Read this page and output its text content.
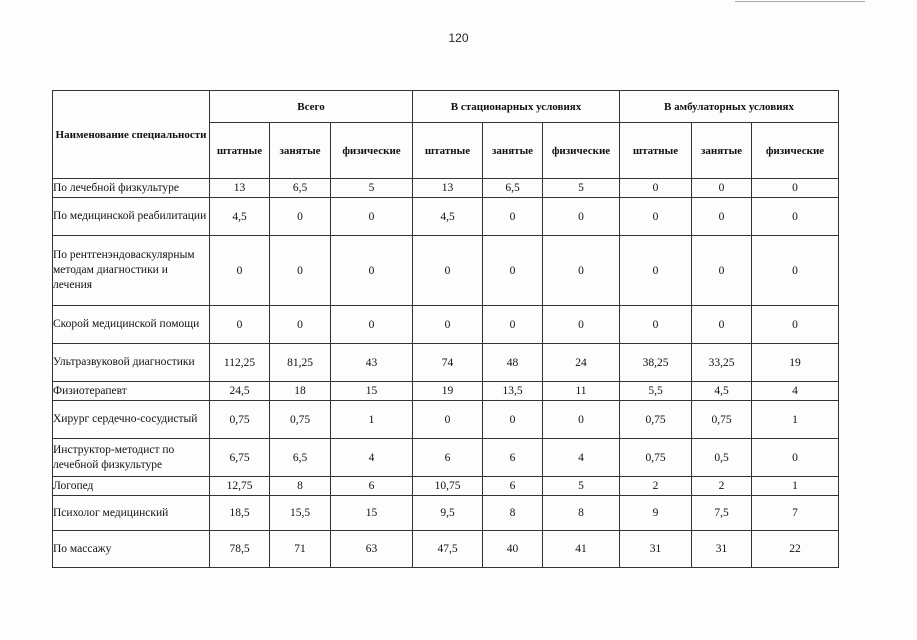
120
Наименование специальности	Всего			В стационарных условиях			В амбулаторных условиях		
	штатные	занятые	физические	штатные	занятые	физические	штатные	занятые	физические
По лечебной физкультуре	13	6,5	5	13	6,5	5	0	0	0
По медицинской реабилитации	4,5	0	0	4,5	0	0	0	0	0
По рентгенэндоваскулярным методам диагностики и лечения	0	0	0	0	0	0	0	0	0
Скорой медицинской помощи	0	0	0	0	0	0	0	0	0
Ультразвуковой диагностики	112,25	81,25	43	74	48	24	38,25	33,25	19
Физиотерапевт	24,5	18	15	19	13,5	11	5,5	4,5	4
Хирург сердечно-сосудистый	0,75	0,75	1	0	0	0	0,75	0,75	1
Инструктор-методист по лечебной физкультуре	6,75	6,5	4	6	6	4	0,75	0,5	0
Логопед	12,75	8	6	10,75	6	5	2	2	1
Психолог медицинский	18,5	15,5	15	9,5	8	8	9	7,5	7
По массажу	78,5	71	63	47,5	40	41	31	31	22
